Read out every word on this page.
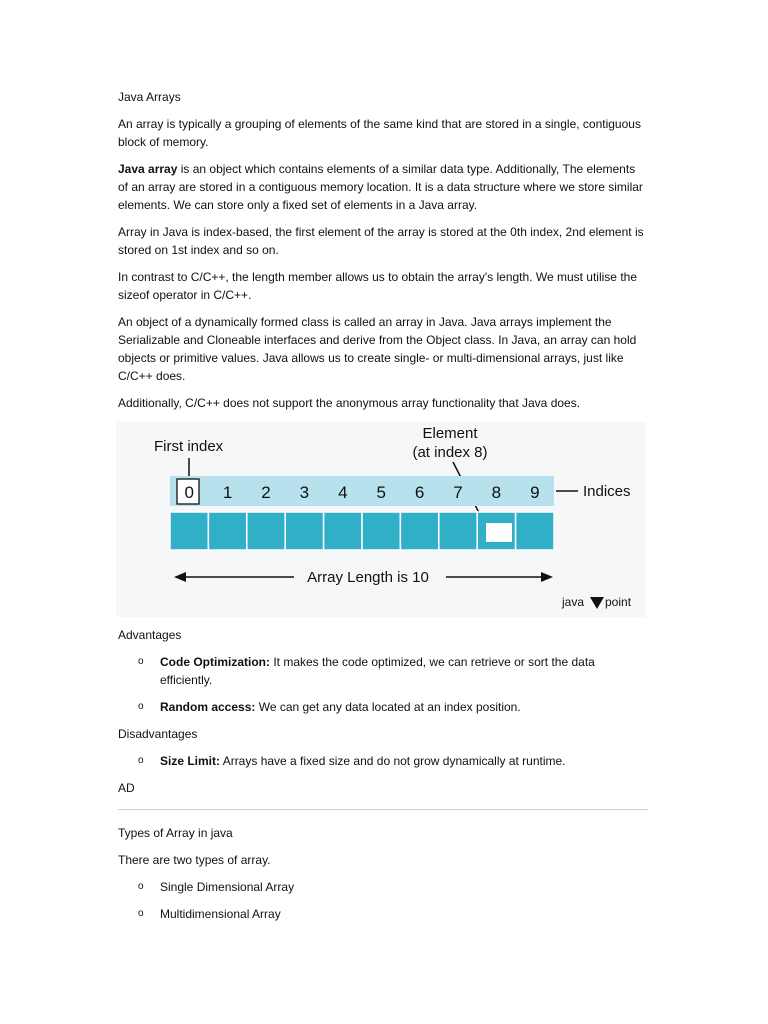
Java Arrays

An array is typically a grouping of elements of the same kind that are stored in a single, contiguous block of memory.

Java array is an object which contains elements of a similar data type. Additionally, The elements of an array are stored in a contiguous memory location. It is a data structure where we store similar elements. We can store only a fixed set of elements in a Java array.

Array in Java is index-based, the first element of the array is stored at the 0th index, 2nd element is stored on 1st index and so on.

In contrast to C/C++, the length member allows us to obtain the array's length. We must utilise the sizeof operator in C/C++.

An object of a dynamically formed class is called an array in Java. Java arrays implement the Serializable and Cloneable interfaces and derive from the Object class. In Java, an array can hold objects or primitive values. Java allows us to create single- or multi-dimensional arrays, just like C/C++ does.

Additionally, C/C++ does not support the anonymous array functionality that Java does.

First index
Element
(at index 8)
0 1 2 3 4 5 6 7 8 9	Indices
Array Length is 10
java point

Advantages

o Code Optimization: It makes the code optimized, we can retrieve or sort the data efficiently.
o Random access: We can get any data located at an index position.

Disadvantages

o Size Limit: Arrays have a fixed size and do not grow dynamically at runtime.

AD

Types of Array in java

There are two types of array.

o Single Dimensional Array
o Multidimensional Array
